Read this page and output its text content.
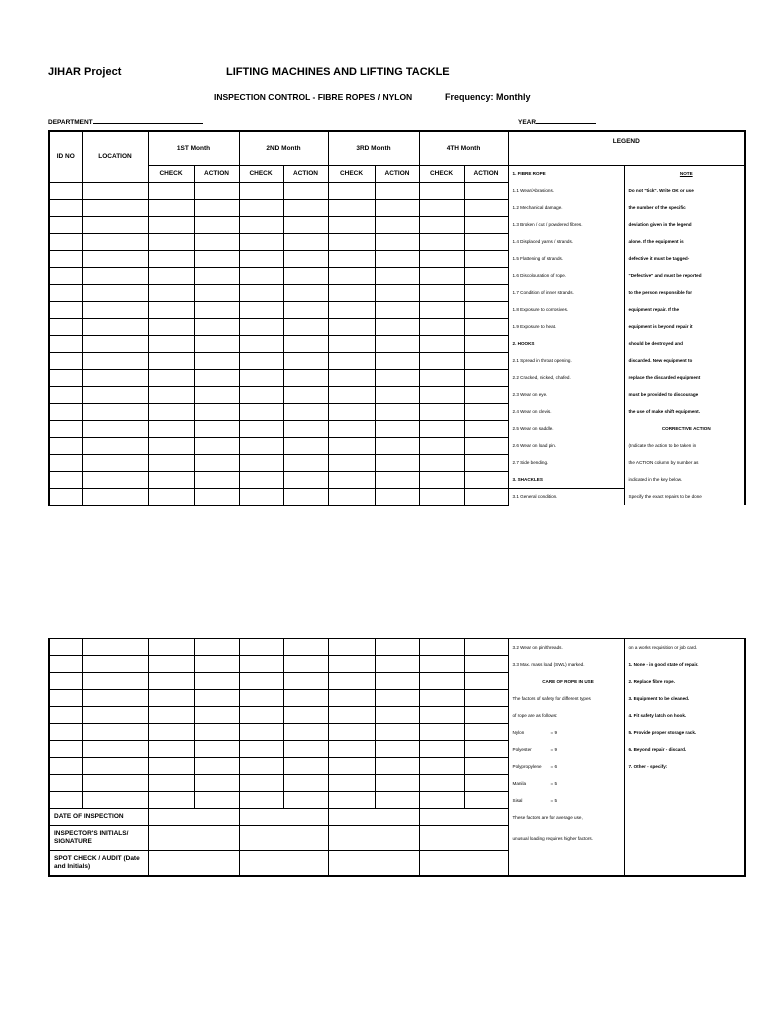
JIHAR Project	LIFTING MACHINES AND LIFTING TACKLE
INSPECTION CONTROL - FIBRE ROPES / NYLON	Frequency: Monthly
DEPARTMENT	YEAR
ID NO	LOCATION	1ST Month		2ND Month		3RD Month		4TH Month		LEGEND	
		CHECK	ACTION	CHECK	ACTION	CHECK	ACTION	CHECK	ACTION	1. FIBRE ROPE	NOTE
										1.1 Wear/Abrasions.	Do not "tick". Write OK or use
										1.2 Mechanical damage.	the number of the specific
										1.3 Broken / cut / powdered fibres.	deviation given in the legend
										1.4 Displaced yarns / strands.	alone. If the equipment is
										1.5 Flattening of strands.	defective it must be tagged-
										1.6 Discolouration of rope.	"Defective" and must be reported
										1.7 Condition of inner strands.	to the person responsible for
										1.8 Exposure to corrosives.	equipment repair. If the
										1.9 Exposure to heat.	equipment is beyond repair it
										2. HOOKS	should be destroyed and
										2.1 Spread in throat opening.	discarded. New equipment to
										2.2 Cracked, nicked, chafed.	replace the discarded equipment
										2.3 Wear on eye.	must be provided to discourage
										2.4 Wear on clevis.	the use of make shift equipment.
										2.5 Wear on saddle.	CORRECTIVE ACTION
										2.6 Wear on load pin.	(Indicate the action to be taken in
										2.7 Side bending.	the ACTION column by number as
										3. SHACKLES	indicated in the key below.
										3.1 General condition.	Specify the exact repairs to be done
										3.2 Wear on pin/threads.	on a works requisition or job card.
										3.3 Max. mass load (SWL) marked.	1. None - in good state of repair.
										CARE OF ROPE IN USE	2. Replace fibre rope.
										The factors of safety for different types	3. Equipment to be cleaned.
										of rope are as follows:	4. Fit safety latch on hook.
										Nylon = 9	5. Provide proper storage rack.
										Polyester = 9	6. Beyond repair - discard.
										Polypropylene = 6	7. Other - specify:
										Manila = 5	
										Sisal = 5	
DATE OF INSPECTION										These factors are for average use,	
INSPECTOR'S INITIALS/ SIGNATURE										unusual loading requires higher factors.	
SPOT CHECK / AUDIT (Date and Initials)											
